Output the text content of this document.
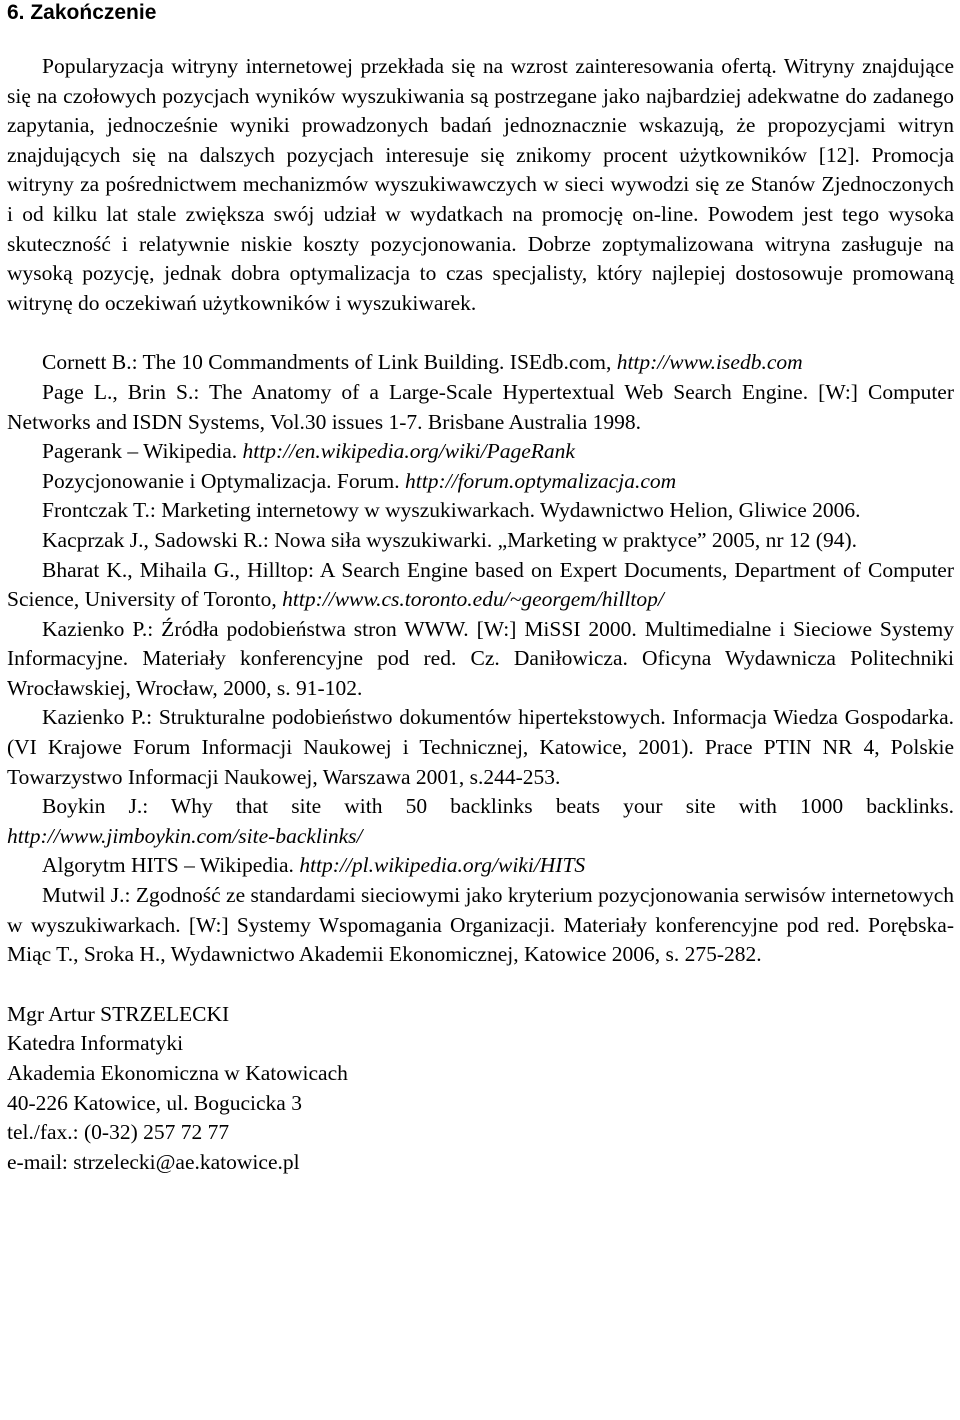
6. Zakończenie

Popularyzacja witryny internetowej przekłada się na wzrost zainteresowania ofertą. Witryny znajdujące się na czołowych pozycjach wyników wyszukiwania są postrzegane jako najbardziej adekwatne do zadanego zapytania, jednocześnie wyniki prowadzonych badań jednoznacznie wskazują, że propozycjami witryn znajdujących się na dalszych pozycjach interesuje się znikomy procent użytkowników [12]. Promocja witryny za pośrednictwem mechanizmów wyszukiwawczych w sieci wywodzi się ze Stanów Zjednoczonych i od kilku lat stale zwiększa swój udział w wydatkach na promocję on-line. Powodem jest tego wysoka skuteczność i relatywnie niskie koszty pozycjonowania. Dobrze zoptymalizowana witryna zasługuje na wysoką pozycję, jednak dobra optymalizacja to czas specjalisty, który najlepiej dostosowuje promowaną witrynę do oczekiwań użytkowników i wyszukiwarek.

Cornett B.: The 10 Commandments of Link Building. ISEdb.com, http://www.isedb.com

Page L., Brin S.: The Anatomy of a Large-Scale Hypertextual Web Search Engine. [W:] Computer Networks and ISDN Systems, Vol.30 issues 1-7. Brisbane Australia 1998.

Pagerank – Wikipedia. http://en.wikipedia.org/wiki/PageRank

Pozycjonowanie i Optymalizacja. Forum. http://forum.optymalizacja.com

Frontczak T.: Marketing internetowy w wyszukiwarkach. Wydawnictwo Helion, Gliwice 2006.

Kacprzak J., Sadowski R.: Nowa siła wyszukiwarki. „Marketing w praktyce” 2005, nr 12 (94).

Bharat K., Mihaila G., Hilltop: A Search Engine based on Expert Documents, Department of Computer Science, University of Toronto, http://www.cs.toronto.edu/~georgem/hilltop/

Kazienko P.: Źródła podobieństwa stron WWW. [W:] MiSSI 2000. Multimedialne i Sieciowe Systemy Informacyjne. Materiały konferencyjne pod red. Cz. Daniłowicza. Oficyna Wydawnicza Politechniki Wrocławskiej, Wrocław, 2000, s. 91-102.

Kazienko P.: Strukturalne podobieństwo dokumentów hipertekstowych. Informacja Wiedza Gospodarka. (VI Krajowe Forum Informacji Naukowej i Technicznej, Katowice, 2001). Prace PTIN NR 4, Polskie Towarzystwo Informacji Naukowej, Warszawa 2001, s.244-253.

Boykin J.: Why that site with 50 backlinks beats your site with 1000 backlinks. http://www.jimboykin.com/site-backlinks/

Algorytm HITS – Wikipedia. http://pl.wikipedia.org/wiki/HITS

Mutwil J.: Zgodność ze standardami sieciowymi jako kryterium pozycjonowania serwisów internetowych w wyszukiwarkach. [W:] Systemy Wspomagania Organizacji. Materiały konferencyjne pod red. Porębska-Miąc T., Sroka H., Wydawnictwo Akademii Ekonomicznej, Katowice 2006, s. 275-282.

Mgr Artur STRZELECKI
Katedra Informatyki
Akademia Ekonomiczna w Katowicach
40-226 Katowice, ul. Bogucicka 3
tel./fax.: (0-32) 257 72 77
e-mail: strzelecki@ae.katowice.pl
